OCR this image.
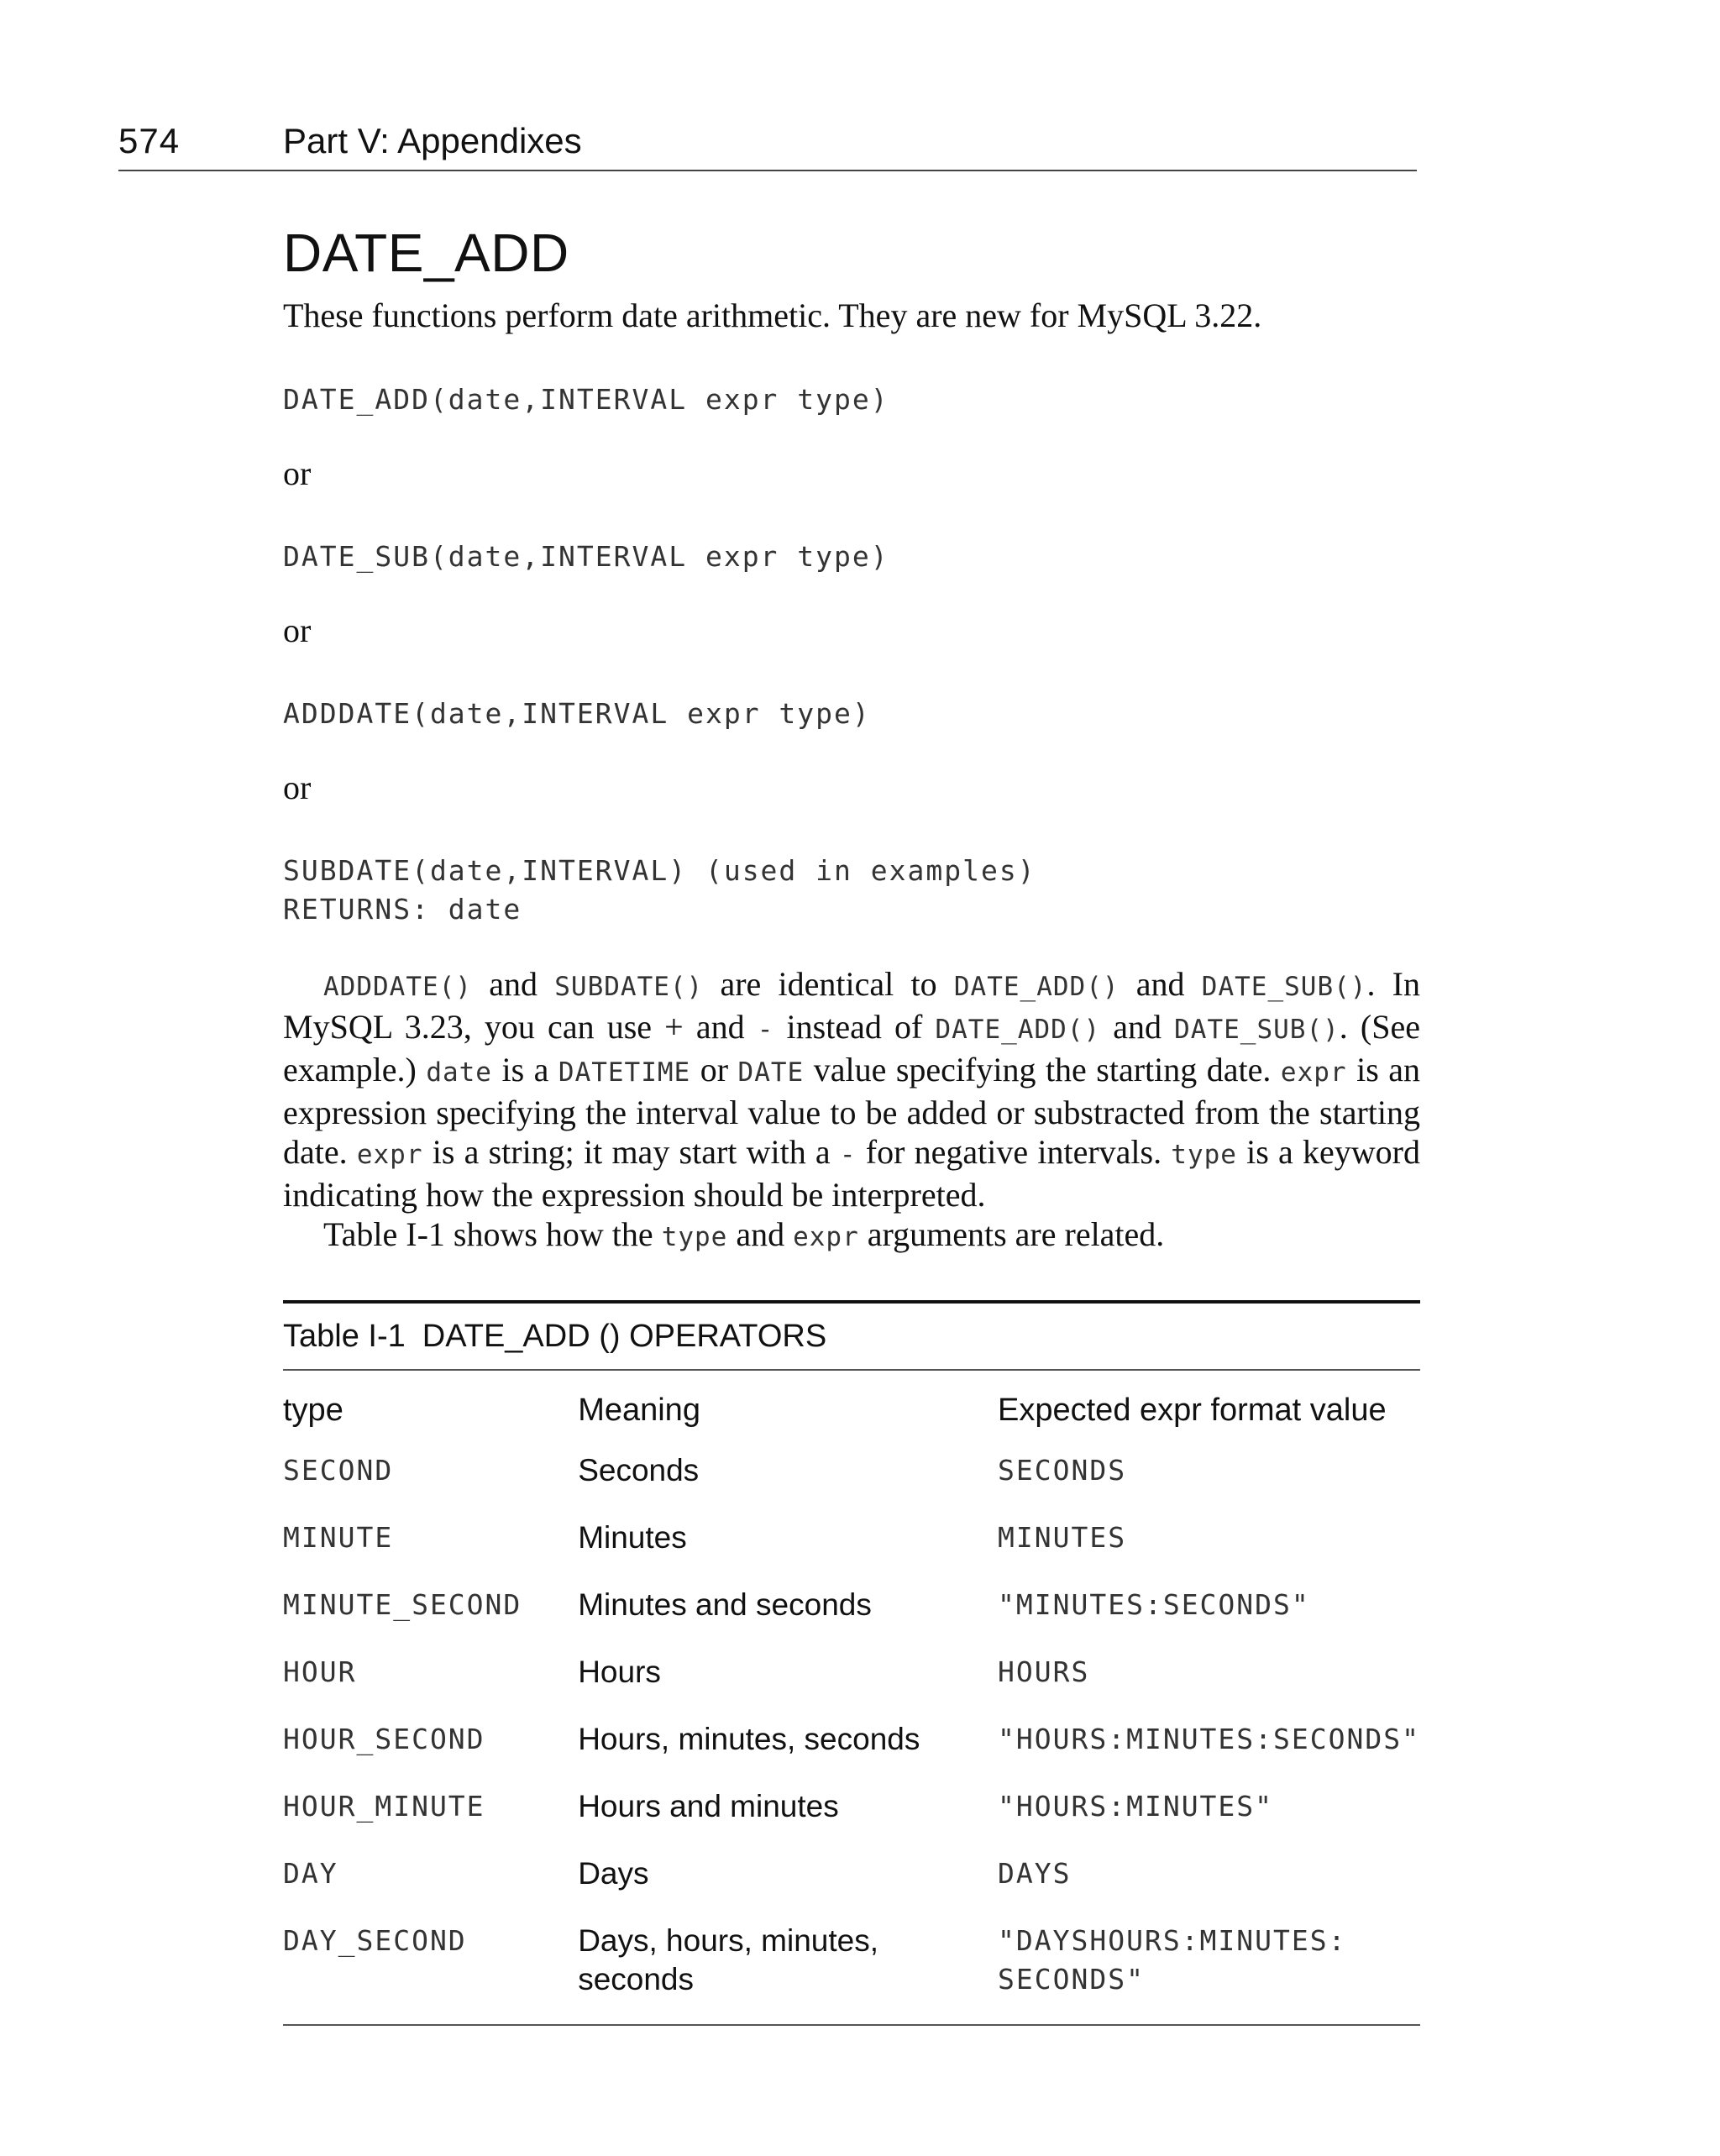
574	Part V: Appendixes
DATE_ADD

These functions perform date arithmetic. They are new for MySQL 3.22.

DATE_ADD(date,INTERVAL expr type)

or

DATE_SUB(date,INTERVAL expr type)

or

ADDDATE(date,INTERVAL expr type)

or

SUBDATE(date,INTERVAL) (used in examples)

RETURNS: date

ADDDATE() and SUBDATE() are identical to DATE_ADD() and DATE_SUB(). In MySQL 3.23, you can use + and - instead of DATE_ADD() and DATE_SUB(). (See example.) date is a DATETIME or DATE value specifying the starting date. expr is an expression specifying the interval value to be added or substracted from the starting date. expr is a string; it may start with a - for negative intervals. type is a keyword indicating how the expression should be interpreted.

Table I-1 shows how the type and expr arguments are related.

Table I-1 DATE_ADD () OPERATORS
type	Meaning	Expected expr format value
SECOND	Seconds	SECONDS
MINUTE	Minutes	MINUTES
MINUTE_SECOND	Minutes and seconds	"MINUTES:SECONDS"
HOUR	Hours	HOURS
HOUR_SECOND	Hours, minutes, seconds	"HOURS:MINUTES:SECONDS"
HOUR_MINUTE	Hours and minutes	"HOURS:MINUTES"
DAY	Days	DAYS
DAY_SECOND	Days, hours, minutes, seconds	"DAYSHOURS:MINUTES: SECONDS"
